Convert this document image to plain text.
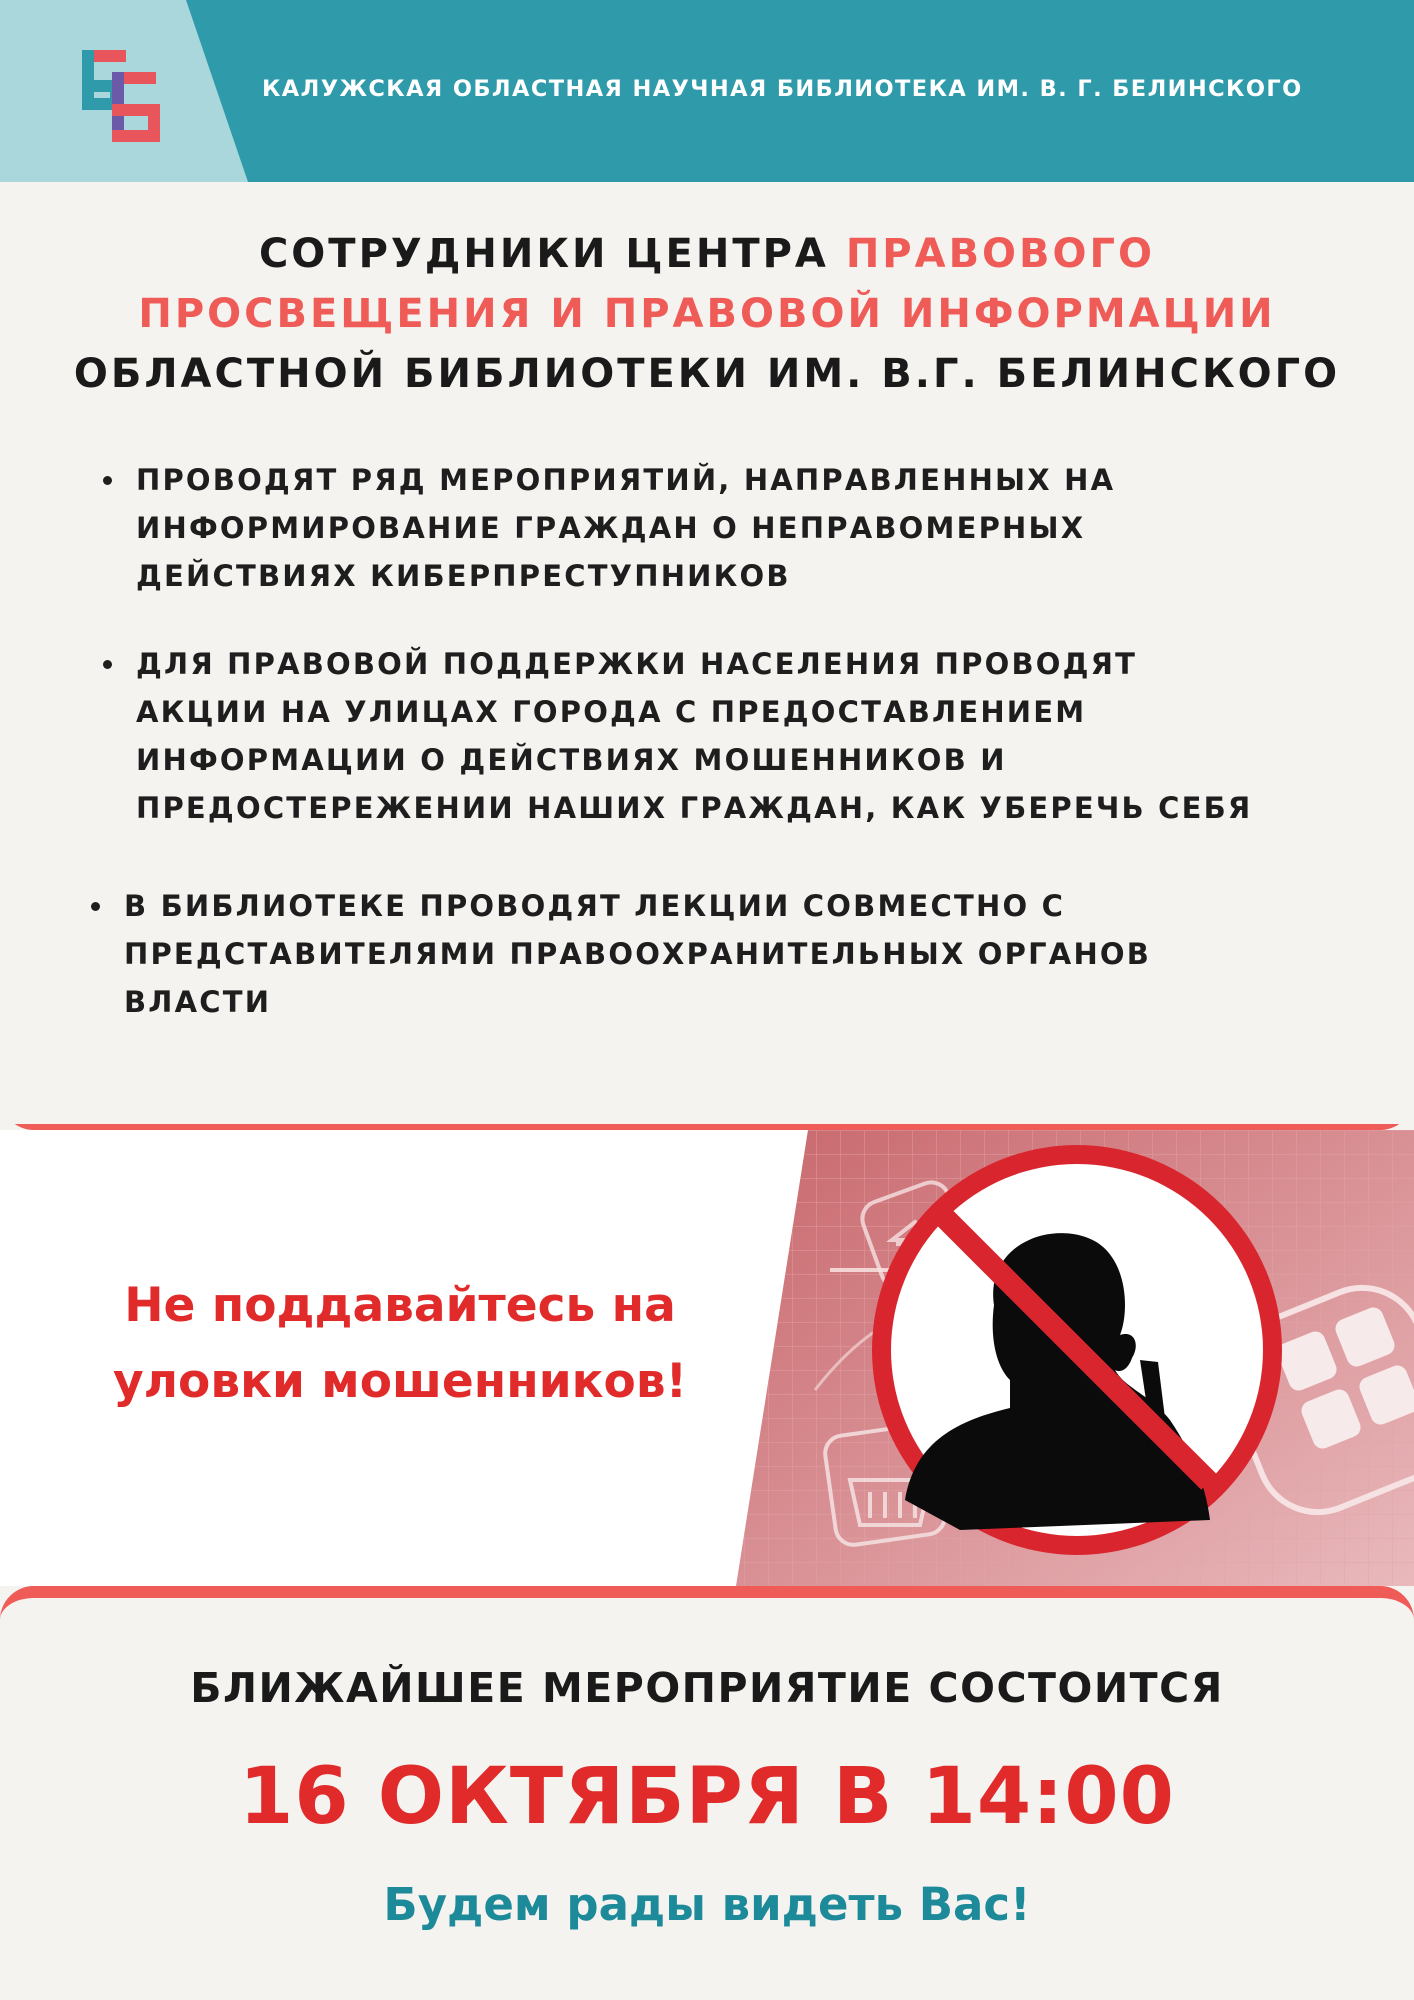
КАЛУЖСКАЯ ОБЛАСТНАЯ НАУЧНАЯ БИБЛИОТЕКА ИМ. В. Г. БЕЛИНСКОГО
СОТРУДНИКИ ЦЕНТРА ПРАВОВОГО
ПРОСВЕЩЕНИЯ И ПРАВОВОЙ ИНФОРМАЦИИ
ОБЛАСТНОЙ БИБЛИОТЕКИ ИМ. В.Г. БЕЛИНСКОГО
ПРОВОДЯТ РЯД МЕРОПРИЯТИЙ, НАПРАВЛЕННЫХ НА
ИНФОРМИРОВАНИЕ ГРАЖДАН О НЕПРАВОМЕРНЫХ
ДЕЙСТВИЯХ КИБЕРПРЕСТУПНИКОВ
ДЛЯ ПРАВОВОЙ ПОДДЕРЖКИ НАСЕЛЕНИЯ ПРОВОДЯТ
АКЦИИ НА УЛИЦАХ ГОРОДА С ПРЕДОСТАВЛЕНИЕМ
ИНФОРМАЦИИ О ДЕЙСТВИЯХ МОШЕННИКОВ И
ПРЕДОСТЕРЕЖЕНИИ НАШИХ ГРАЖДАН, КАК УБЕРЕЧЬ СЕБЯ
В БИБЛИОТЕКЕ ПРОВОДЯТ ЛЕКЦИИ СОВМЕСТНО С
ПРЕДСТАВИТЕЛЯМИ ПРАВООХРАНИТЕЛЬНЫХ ОРГАНОВ
ВЛАСТИ
Не поддавайтесь на
уловки мошенников!
БЛИЖАЙШЕЕ МЕРОПРИЯТИЕ СОСТОИТСЯ
16 ОКТЯБРЯ В 14:00
Будем рады видеть Вас!
